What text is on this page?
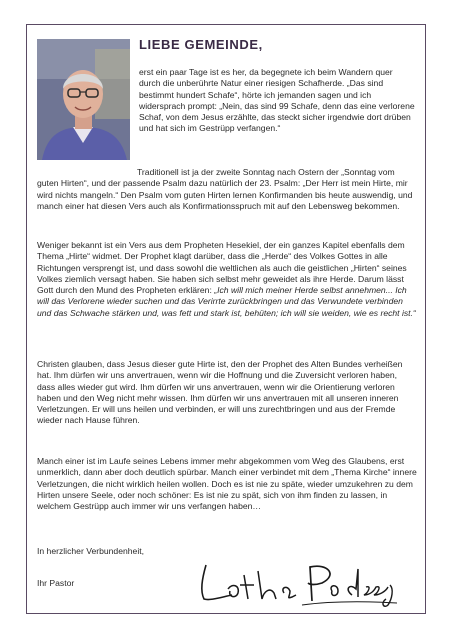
LIEBE GEMEINDE,

erst ein paar Tage ist es her, da begegnete ich beim Wandern quer durch die unberührte Natur einer riesigen Schafherde. „Das sind bestimmt hundert Schafe“, hörte ich jemanden sagen und ich widersprach prompt: „Nein, das sind 99 Schafe, denn das eine verlorene Schaf, von dem Jesus erzählte, das steckt sicher irgendwie dort drüben und hat sich im Gestrüpp verfangen.“

Traditionell ist ja der zweite Sonntag nach Ostern der „Sonntag vom guten Hirten“, und der passende Psalm dazu natürlich der 23. Psalm: „Der Herr ist mein Hirte, mir wird nichts mangeln.“ Den Psalm vom guten Hirten lernen Konfirmanden bis heute auswendig, und manch einer hat diesen Vers auch als Konfirmationsspruch mit auf den Lebensweg bekommen.

Weniger bekannt ist ein Vers aus dem Propheten Hesekiel, der ein ganzes Kapitel ebenfalls dem Thema „Hirte“ widmet. Der Prophet klagt darüber, dass die „Herde“ des Volkes Gottes in alle Richtungen versprengt ist, und dass sowohl die weltlichen als auch die geistlichen „Hirten“ seines Volkes ziemlich versagt haben. Sie haben sich selbst mehr geweidet als ihre Herde. Darum lässt Gott durch den Mund des Propheten erklären: „Ich will mich meiner Herde selbst annehmen... Ich will das Verlorene wieder suchen und das Verirrte zurückbringen und das Verwundete verbinden und das Schwache stärken und, was fett und stark ist, behüten; ich will sie weiden, wie es recht ist.“

Christen glauben, dass Jesus dieser gute Hirte ist, den der Prophet des Alten Bundes verheißen hat. Ihm dürfen wir uns anvertrauen, wenn wir die Hoffnung und die Zuversicht verloren haben, dass alles wieder gut wird. Ihm dürfen wir uns anvertrauen, wenn wir die Orientierung verloren haben und den Weg nicht mehr wissen. Ihm dürfen wir uns anvertrauen mit all unseren inneren Verletzungen. Er will uns heilen und verbinden, er will uns zurechtbringen und aus der Fremde wieder nach Hause führen.

Manch einer ist im Laufe seines Lebens immer mehr abgekommen vom Weg des Glaubens, erst unmerklich, dann aber doch deutlich spürbar. Manch einer verbindet mit dem „Thema Kirche“ innere Verletzungen, die nicht wirklich heilen wollen. Doch es ist nie zu späte, wieder umzukehren zu dem Hirten unsere Seele, oder noch schöner: Es ist nie zu spät, sich von ihm finden zu lassen, in welchem Gestrüpp auch immer wir uns verfangen haben…

In herzlicher Verbundenheit,

Ihr Pastor
